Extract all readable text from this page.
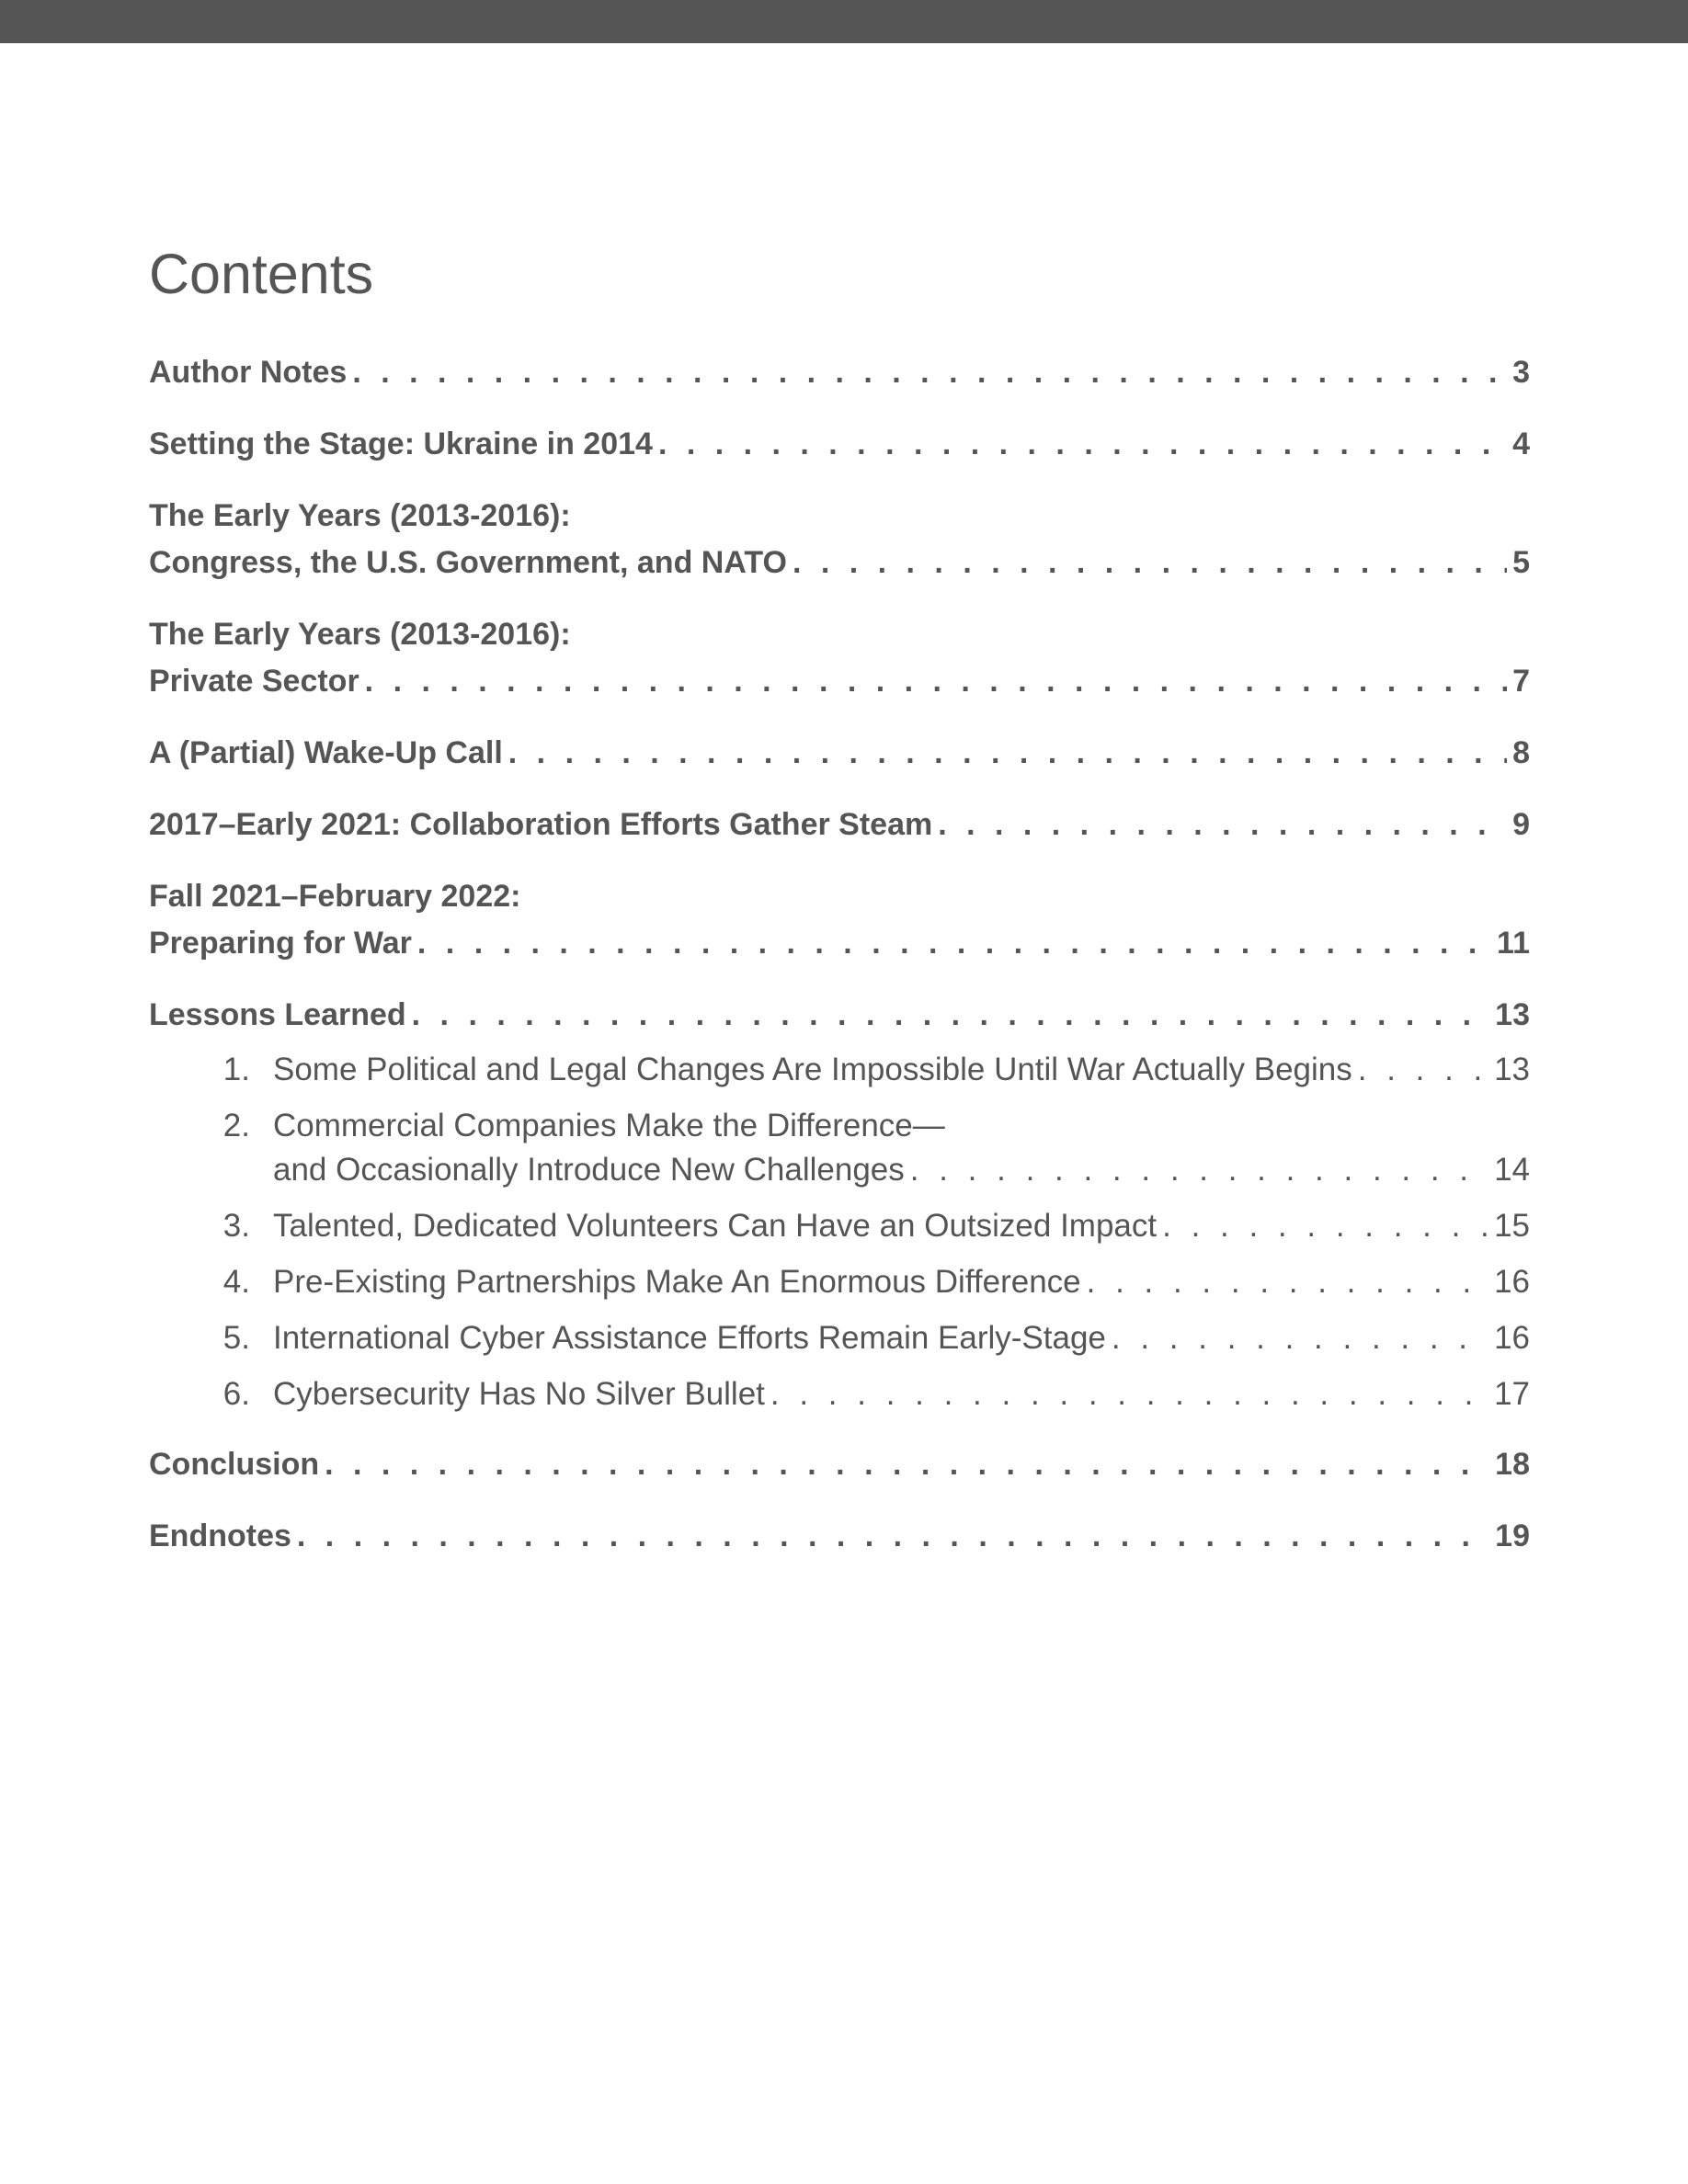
Contents
Author Notes . . .	3
Setting the Stage: Ukraine in 2014 . . .	4
The Early Years (2013-2016):
Congress, the U.S. Government, and NATO . . .	5
The Early Years (2013-2016):
Private Sector . . .	7
A (Partial) Wake-Up Call . . .	8
2017–Early 2021: Collaboration Efforts Gather Steam . . .	9
Fall 2021–February 2022:
Preparing for War . . .	11
Lessons Learned . . .	13
1. Some Political and Legal Changes Are Impossible Until War Actually Begins . . .	13
2. Commercial Companies Make the Difference—
and Occasionally Introduce New Challenges . . .	14
3. Talented, Dedicated Volunteers Can Have an Outsized Impact . . .	15
4. Pre-Existing Partnerships Make An Enormous Difference . . .	16
5. International Cyber Assistance Efforts Remain Early-Stage . . .	16
6. Cybersecurity Has No Silver Bullet . . .	17
Conclusion . . .	18
Endnotes . . .	19
